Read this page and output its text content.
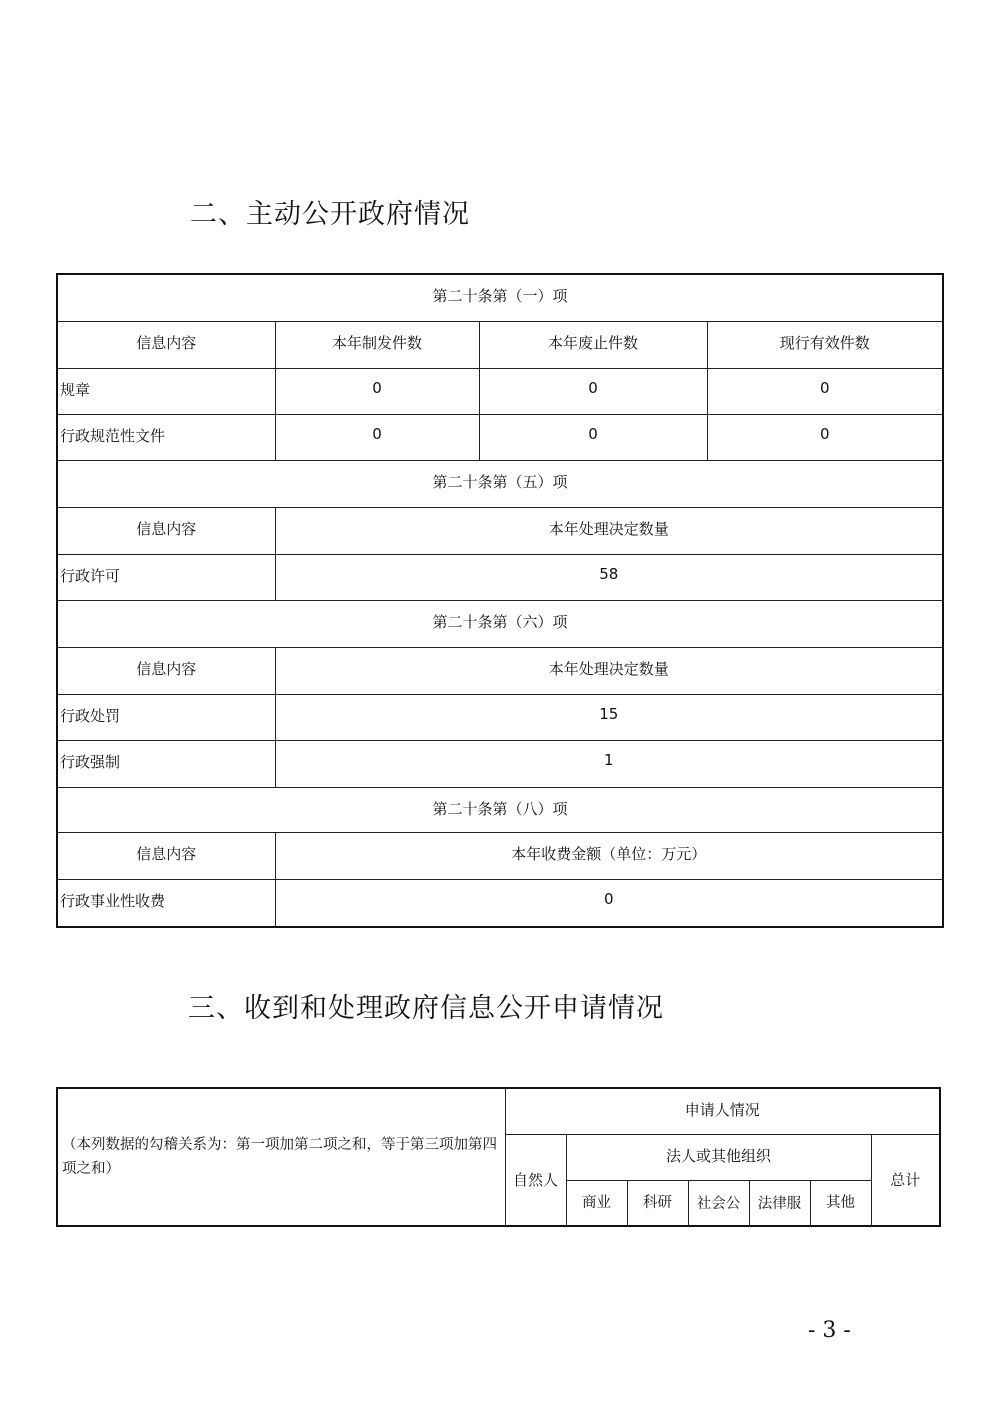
二、主动公开政府情况
第二十条第（一）项			
信息内容	本年制发件数	本年废止件数	现行有效件数
规章	0	0	0
行政规范性文件	0	0	0
第二十条第（五）项			
信息内容	本年处理决定数量		
行政许可	58		
第二十条第（六）项			
信息内容	本年处理决定数量		
行政处罚	15		
行政强制	1		
第二十条第（八）项			
信息内容	本年收费金额（单位：万元）		
行政事业性收费	0		
三、收到和处理政府信息公开申请情况
（本列数据的勾稽关系为：第一项加第二项之和，等于第三项加第四项之和）	申请人情况						
	自然人	法人或其他组织					总计
		商业	科研	社会公	法律服	其他	
- 3 -
